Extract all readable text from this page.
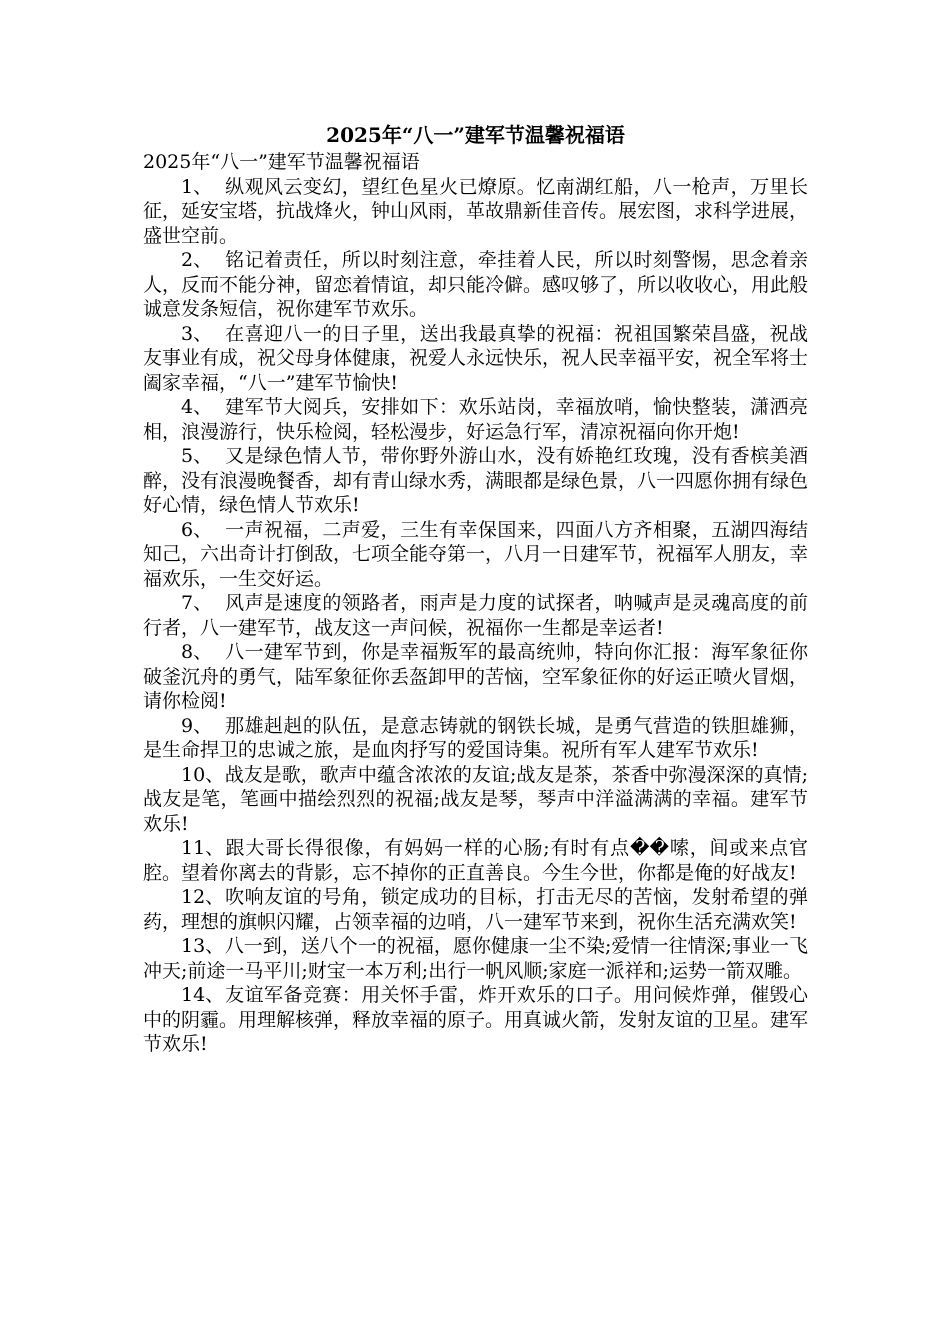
2025年“八一”建军节温馨祝福语

2025年“八一”建军节温馨祝福语

1、 纵观风云变幻，望红色星火已燎原。忆南湖红船，八一枪声，万里长征，延安宝塔，抗战烽火，钟山风雨，革故鼎新佳音传。展宏图，求科学进展，盛世空前。

2、 铭记着责任，所以时刻注意，牵挂着人民，所以时刻警惕，思念着亲人，反而不能分神，留恋着情谊，却只能冷僻。感叹够了，所以收收心，用此般诚意发条短信，祝你建军节欢乐。

3、 在喜迎八一的日子里，送出我最真挚的祝福：祝祖国繁荣昌盛，祝战友事业有成，祝父母身体健康，祝爱人永远快乐，祝人民幸福平安，祝全军将士阖家幸福，“八一”建军节愉快!

4、 建军节大阅兵，安排如下：欢乐站岗，幸福放哨，愉快整装，潇洒亮相，浪漫游行，快乐检阅，轻松漫步，好运急行军，清凉祝福向你开炮!

5、 又是绿色情人节，带你野外游山水，没有娇艳红玫瑰，没有香槟美酒醉，没有浪漫晚餐香，却有青山绿水秀，满眼都是绿色景，八一四愿你拥有绿色好心情，绿色情人节欢乐!

6、 一声祝福，二声爱，三生有幸保国来，四面八方齐相聚，五湖四海结知己，六出奇计打倒敌，七项全能夺第一，八月一日建军节，祝福军人朋友，幸福欢乐，一生交好运。

7、 风声是速度的领路者，雨声是力度的试探者，呐喊声是灵魂高度的前行者，八一建军节，战友这一声问候，祝福你一生都是幸运者!

8、 八一建军节到，你是幸福叛军的最高统帅，特向你汇报：海军象征你破釜沉舟的勇气，陆军象征你丢盔卸甲的苦恼，空军象征你的好运正喷火冒烟，请你检阅!

9、 那雄赳赳的队伍，是意志铸就的钢铁长城，是勇气营造的铁胆雄狮，是生命捍卫的忠诚之旅，是血肉抒写的爱国诗集。祝所有军人建军节欢乐!

10、战友是歌，歌声中蕴含浓浓的友谊;战友是茶，茶香中弥漫深深的真情;战友是笔，笔画中描绘烈烈的祝福;战友是琴，琴声中洋溢满满的幸福。建军节欢乐!

11、跟大哥长得很像，有妈妈一样的心肠;有时有点��嗦，间或来点官腔。望着你离去的背影，忘不掉你的正直善良。今生今世，你都是俺的好战友!

12、吹响友谊的号角，锁定成功的目标，打击无尽的苦恼，发射希望的弹药，理想的旗帜闪耀，占领幸福的边哨，八一建军节来到，祝你生活充满欢笑!

13、八一到，送八个一的祝福，愿你健康一尘不染;爱情一往情深;事业一飞冲天;前途一马平川;财宝一本万利;出行一帆风顺;家庭一派祥和;运势一箭双雕。

14、友谊军备竞赛：用关怀手雷，炸开欢乐的口子。用问候炸弹，催毁心中的阴霾。用理解核弹，释放幸福的原子。用真诚火箭，发射友谊的卫星。建军节欢乐!
